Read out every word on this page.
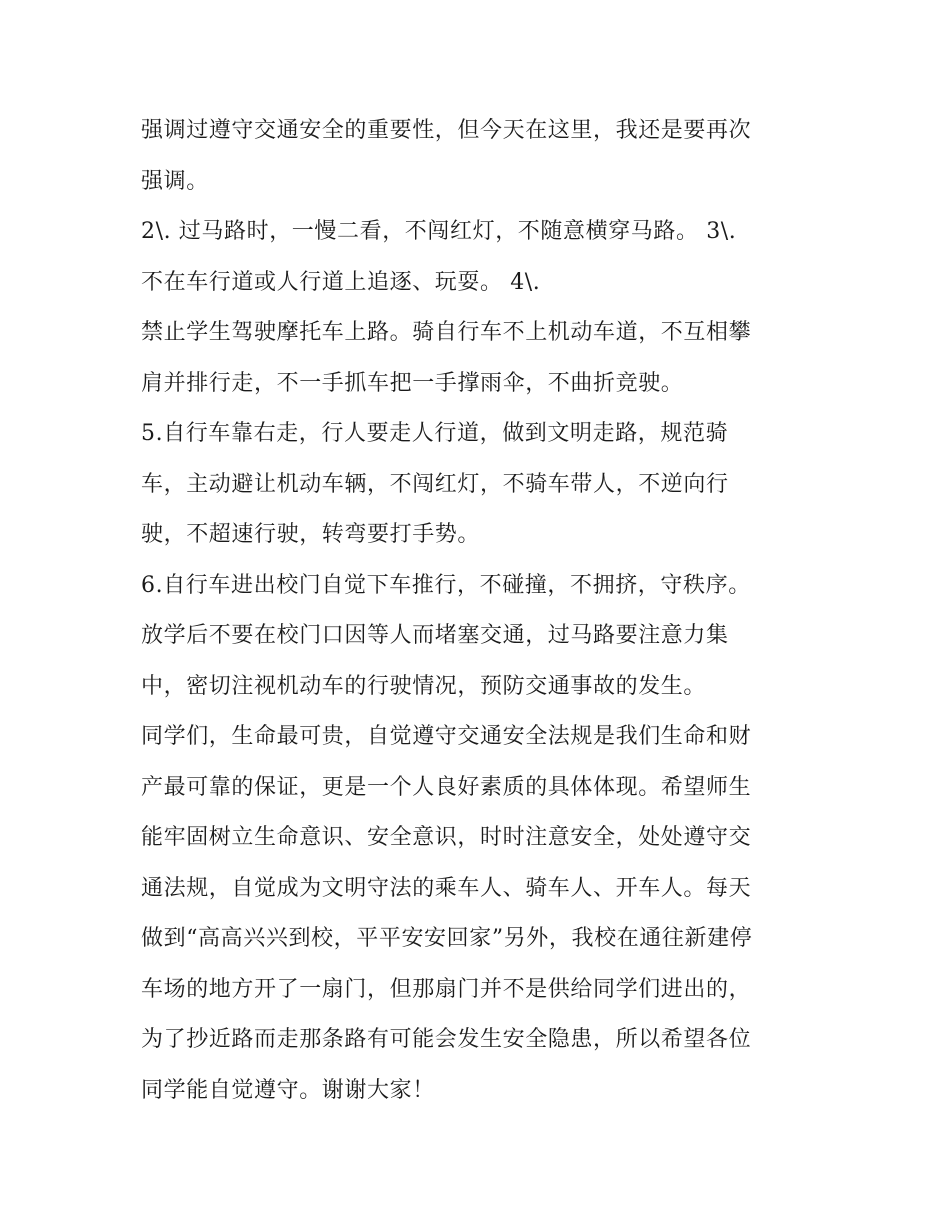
强调过遵守交通安全的重要性，但今天在这里，我还是要再次
强调。
2\. 过马路时，一慢二看，不闯红灯，不随意横穿马路。 3\.
不在车行道或人行道上追逐、玩耍。 4\.
禁止学生驾驶摩托车上路。骑自行车不上机动车道，不互相攀
肩并排行走，不一手抓车把一手撑雨伞，不曲折竞驶。
5.自行车靠右走，行人要走人行道，做到文明走路，规范骑
车，主动避让机动车辆，不闯红灯，不骑车带人，不逆向行
驶，不超速行驶，转弯要打手势。
6.自行车进出校门自觉下车推行，不碰撞，不拥挤，守秩序。
放学后不要在校门口因等人而堵塞交通，过马路要注意力集
中，密切注视机动车的行驶情况，预防交通事故的发生。
同学们，生命最可贵，自觉遵守交通安全法规是我们生命和财
产最可靠的保证，更是一个人良好素质的具体体现。希望师生
能牢固树立生命意识、安全意识，时时注意安全，处处遵守交
通法规，自觉成为文明守法的乘车人、骑车人、开车人。每天
做到“高高兴兴到校，平平安安回家”另外，我校在通往新建停
车场的地方开了一扇门，但那扇门并不是供给同学们进出的，
为了抄近路而走那条路有可能会发生安全隐患，所以希望各位
同学能自觉遵守。谢谢大家！
